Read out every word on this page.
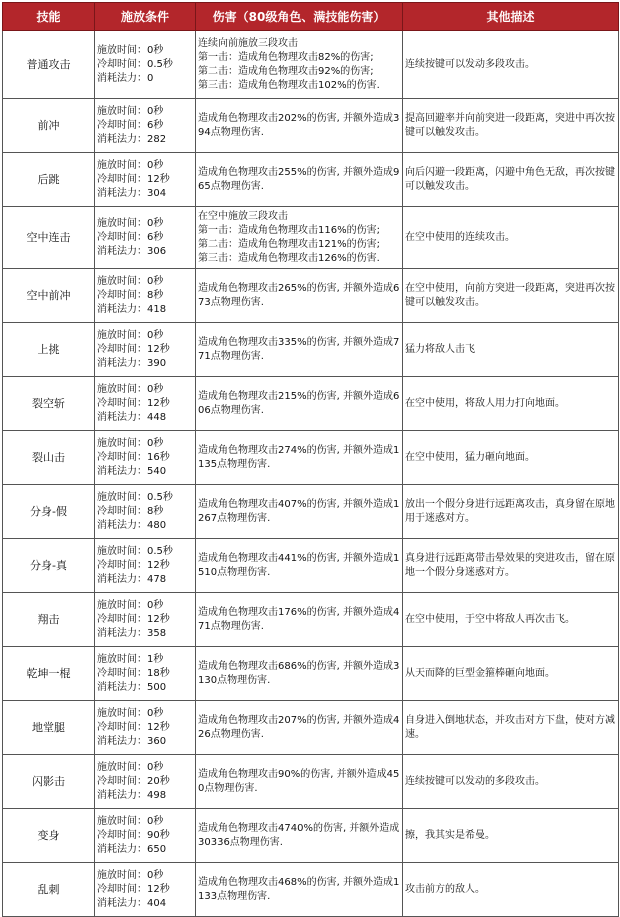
技能	施放条件	伤害（80级角色、满技能伤害）	其他描述
普通攻击	施放时间：0秒
冷却时间：0.5秒
消耗法力：0	连续向前施放三段攻击
第一击：造成角色物理攻击82%的伤害;
第二击：造成角色物理攻击92%的伤害;
第三击：造成角色物理攻击102%的伤害.	连续按键可以发动多段攻击。

前冲	施放时间：0秒
冷却时间：6秒
消耗法力：282	造成角色物理攻击202%的伤害, 并额外造成394点物理伤害.	提高回避率并向前突进一段距离，突进中再次按键可以触发攻击。

后跳	施放时间：0秒
冷却时间：12秒
消耗法力：304	造成角色物理攻击255%的伤害, 并额外造成965点物理伤害.	向后闪避一段距离，闪避中角色无敌，再次按键可以触发攻击。

空中连击	施放时间：0秒
冷却时间：6秒
消耗法力：306	在空中施放三段攻击
第一击：造成角色物理攻击116%的伤害;
第二击：造成角色物理攻击121%的伤害;
第三击：造成角色物理攻击126%的伤害.	在空中使用的连续攻击。

空中前冲	施放时间：0秒
冷却时间：8秒
消耗法力：418	造成角色物理攻击265%的伤害, 并额外造成673点物理伤害.	在空中使用，向前方突进一段距离，突进再次按键可以触发攻击。

上挑	施放时间：0秒
冷却时间：12秒
消耗法力：390	造成角色物理攻击335%的伤害, 并额外造成771点物理伤害.	猛力将敌人击飞

裂空斩	施放时间：0秒
冷却时间：12秒
消耗法力：448	造成角色物理攻击215%的伤害, 并额外造成606点物理伤害.	在空中使用，将敌人用力打向地面。

裂山击	施放时间：0秒
冷却时间：16秒
消耗法力：540	造成角色物理攻击274%的伤害, 并额外造成1135点物理伤害.	在空中使用，猛力砸向地面。

分身-假	施放时间：0.5秒
冷却时间：8秒
消耗法力：480	造成角色物理攻击407%的伤害, 并额外造成1267点物理伤害.	放出一个假分身进行远距离攻击，真身留在原地用于迷惑对方。

分身-真	施放时间：0.5秒
冷却时间：12秒
消耗法力：478	造成角色物理攻击441%的伤害, 并额外造成1510点物理伤害.	真身进行远距离带击晕效果的突进攻击，留在原地一个假分身迷惑对方。

翔击	施放时间：0秒
冷却时间：12秒
消耗法力：358	造成角色物理攻击176%的伤害, 并额外造成471点物理伤害.	在空中使用，于空中将敌人再次击飞。

乾坤一棍	施放时间：1秒
冷却时间：18秒
消耗法力：500	造成角色物理攻击686%的伤害, 并额外造成3130点物理伤害.	从天而降的巨型金箍棒砸向地面。

地堂腿	施放时间：0秒
冷却时间：12秒
消耗法力：360	造成角色物理攻击207%的伤害, 并额外造成426点物理伤害.	自身进入倒地状态，并攻击对方下盘，使对方减速。

闪影击	施放时间：0秒
冷却时间：20秒
消耗法力：498	造成角色物理攻击90%的伤害, 并额外造成450点物理伤害.	连续按键可以发动的多段攻击。

变身	施放时间：0秒
冷却时间：90秒
消耗法力：650	造成角色物理攻击4740%的伤害, 并额外造成30336点物理伤害.	擦，我其实是希曼。

乱刺	施放时间：0秒
冷却时间：12秒
消耗法力：404	造成角色物理攻击468%的伤害, 并额外造成1133点物理伤害.	攻击前方的敌人。
